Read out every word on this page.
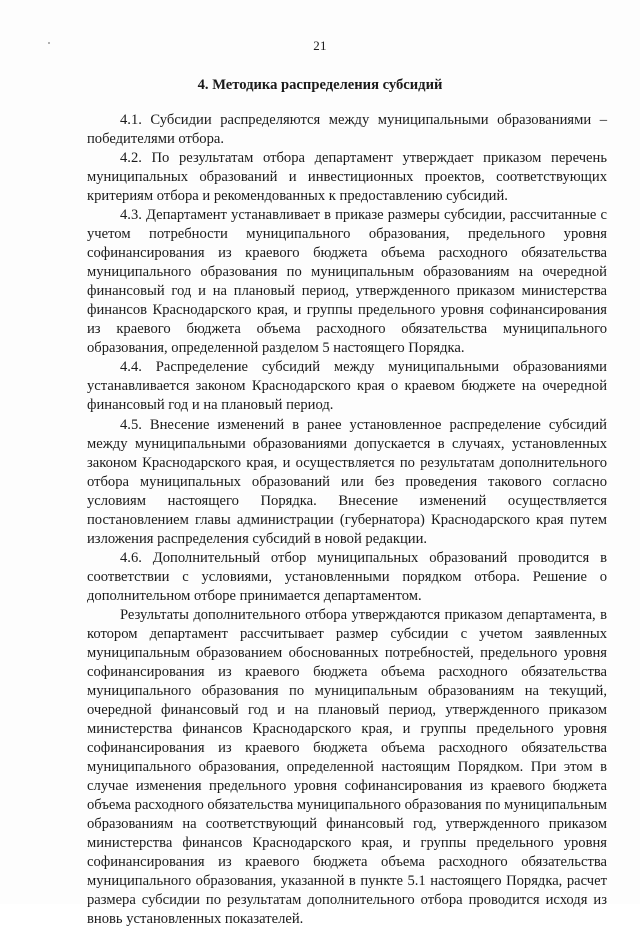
21
4. Методика распределения субсидий

4.1. Субсидии распределяются между муниципальными образованиями – победителями отбора.

4.2. По результатам отбора департамент утверждает приказом перечень муниципальных образований и инвестиционных проектов, соответствующих критериям отбора и рекомендованных к предоставлению субсидий.

4.3. Департамент устанавливает в приказе размеры субсидии, рассчитанные с учетом потребности муниципального образования, предельного уровня софинансирования из краевого бюджета объема расходного обязательства муниципального образования по муниципальным образованиям на очередной финансовый год и на плановый период, утвержденного приказом министерства финансов Краснодарского края, и группы предельного уровня софинансирования из краевого бюджета объема расходного обязательства муниципального образования, определенной разделом 5 настоящего Порядка.

4.4. Распределение субсидий между муниципальными образованиями устанавливается законом Краснодарского края о краевом бюджете на очередной финансовый год и на плановый период.

4.5. Внесение изменений в ранее установленное распределение субсидий между муниципальными образованиями допускается в случаях, установленных законом Краснодарского края, и осуществляется по результатам дополнительного отбора муниципальных образований или без проведения такового согласно условиям настоящего Порядка. Внесение изменений осуществляется постановлением главы администрации (губернатора) Краснодарского края путем изложения распределения субсидий в новой редакции.

4.6. Дополнительный отбор муниципальных образований проводится в соответствии с условиями, установленными порядком отбора. Решение о дополнительном отборе принимается департаментом.

Результаты дополнительного отбора утверждаются приказом департамента, в котором департамент рассчитывает размер субсидии с учетом заявленных муниципальным образованием обоснованных потребностей, предельного уровня софинансирования из краевого бюджета объема расходного обязательства муниципального образования по муниципальным образованиям на текущий, очередной финансовый год и на плановый период, утвержденного приказом министерства финансов Краснодарского края, и группы предельного уровня софинансирования из краевого бюджета объема расходного обязательства муниципального образования, определенной настоящим Порядком. При этом в случае изменения предельного уровня софинансирования из краевого бюджета объема расходного обязательства муниципального образования по муниципальным образованиям на соответствующий финансовый год, утвержденного приказом министерства финансов Краснодарского края, и группы предельного уровня софинансирования из краевого бюджета объема расходного обязательства муниципального образования, указанной в пункте 5.1 настоящего Порядка, расчет размера субсидии по результатам дополнительного отбора проводится исходя из вновь установленных показателей.
